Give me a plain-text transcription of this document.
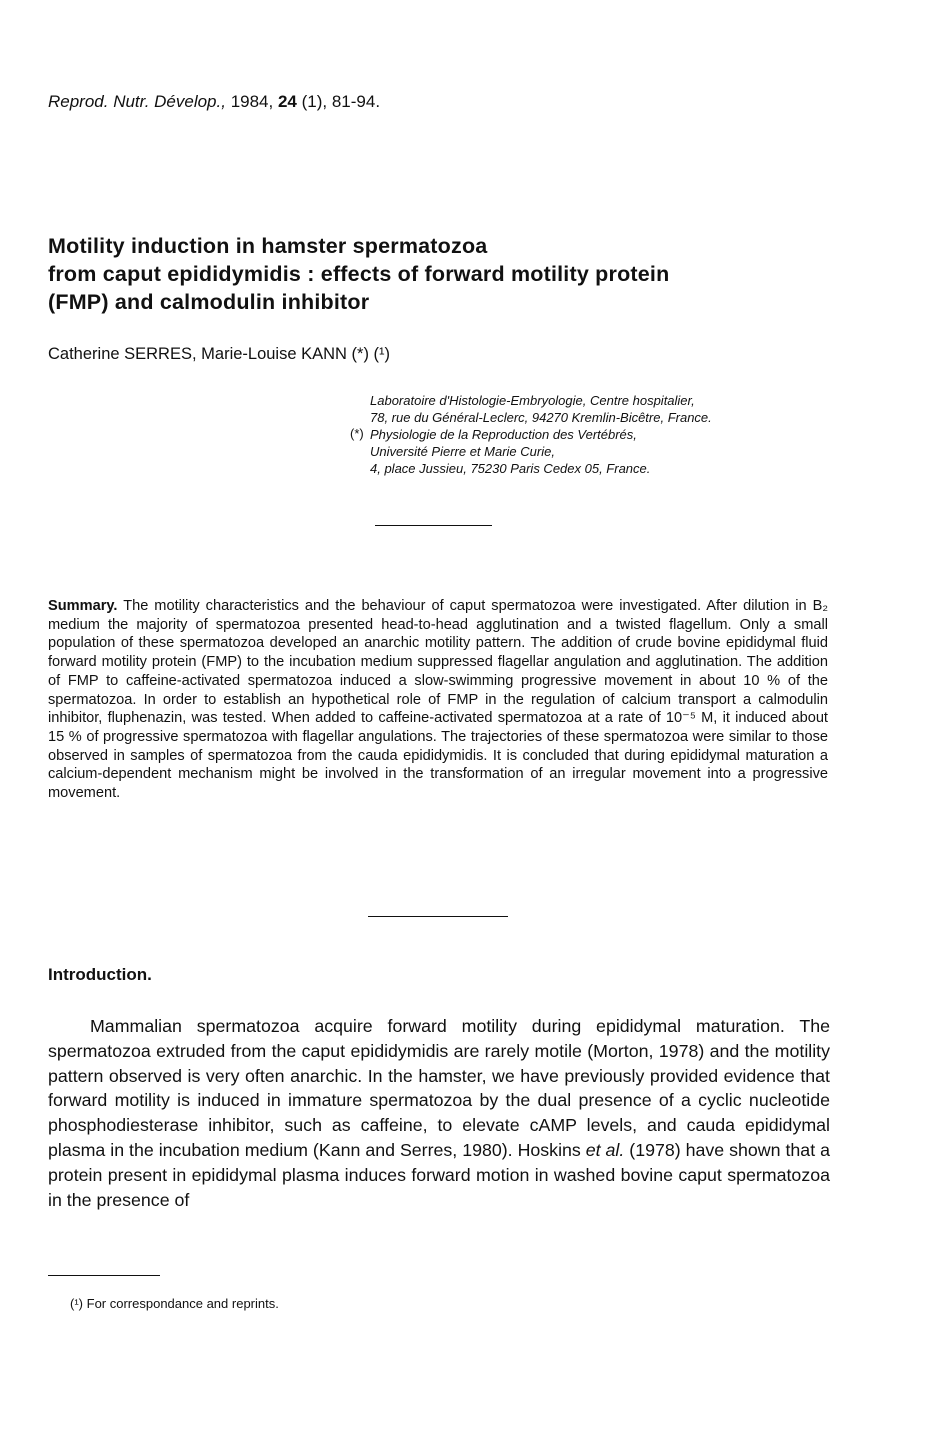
Reprod. Nutr. Dévelop., 1984, 24 (1), 81-94.
Motility induction in hamster spermatozoa
from caput epididymidis : effects of forward motility protein
(FMP) and calmodulin inhibitor
Catherine SERRES, Marie-Louise KANN (*) (¹)
(*)
Laboratoire d'Histologie-Embryologie, Centre hospitalier,
78, rue du Général-Leclerc, 94270 Kremlin-Bicêtre, France.
Physiologie de la Reproduction des Vertébrés,
Université Pierre et Marie Curie,
4, place Jussieu, 75230 Paris Cedex 05, France.
Summary. The motility characteristics and the behaviour of caput spermatozoa were investigated. After dilution in B₂ medium the majority of spermatozoa presented head-to-head agglutination and a twisted flagellum. Only a small population of these spermatozoa developed an anarchic motility pattern. The addition of crude bovine epididymal fluid forward motility protein (FMP) to the incubation medium suppressed flagellar angulation and agglutination. The addition of FMP to caffeine-activated spermatozoa induced a slow-swimming progressive movement in about 10 % of the spermatozoa. In order to establish an hypothetical role of FMP in the regulation of calcium transport a calmodulin inhibitor, fluphenazin, was tested. When added to caffeine-activated spermatozoa at a rate of 10⁻⁵ M, it induced about 15 % of progressive spermatozoa with flagellar angulations. The trajectories of these spermatozoa were similar to those observed in samples of spermatozoa from the cauda epididymidis. It is concluded that during epididymal maturation a calcium-dependent mechanism might be involved in the transformation of an irregular movement into a progressive movement.
Introduction.
Mammalian spermatozoa acquire forward motility during epididymal maturation. The spermatozoa extruded from the caput epididymidis are rarely motile (Morton, 1978) and the motility pattern observed is very often anarchic. In the hamster, we have previously provided evidence that forward motility is induced in immature spermatozoa by the dual presence of a cyclic nucleotide phosphodiesterase inhibitor, such as caffeine, to elevate cAMP levels, and cauda epididymal plasma in the incubation medium (Kann and Serres, 1980). Hoskins et al. (1978) have shown that a protein present in epididymal plasma induces forward motion in washed bovine caput spermatozoa in the presence of
(¹) For correspondance and reprints.
